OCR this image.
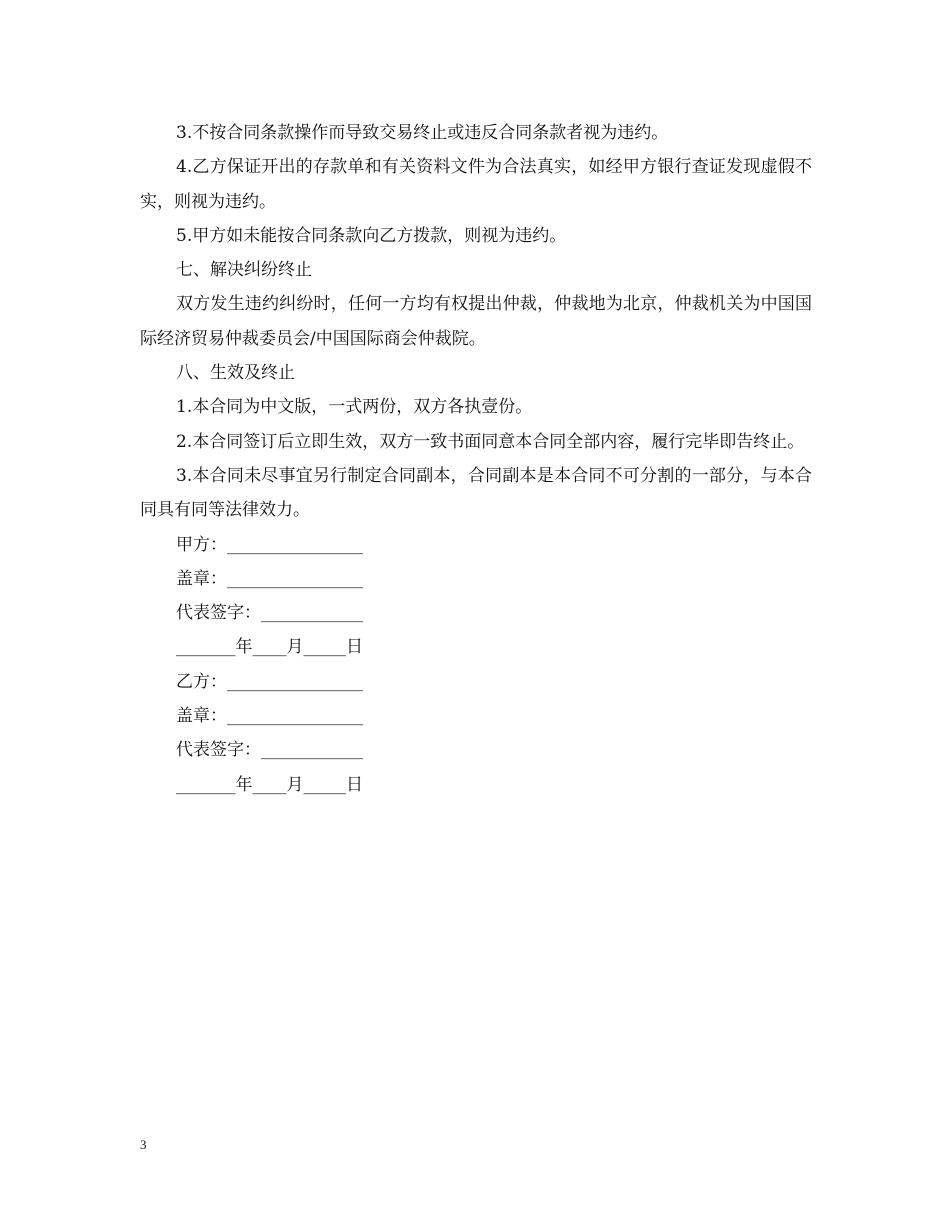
3.不按合同条款操作而导致交易终止或违反合同条款者视为违约。

4.乙方保证开出的存款单和有关资料文件为合法真实，如经甲方银行查证发现虚假不实，则视为违约。

5.甲方如未能按合同条款向乙方拨款，则视为违约。

七、解决纠纷终止

双方发生违约纠纷时，任何一方均有权提出仲裁，仲裁地为北京，仲裁机关为中国国际经济贸易仲裁委员会/中国国际商会仲裁院。

八、生效及终止

1.本合同为中文版，一式两份，双方各执壹份。

2.本合同签订后立即生效，双方一致书面同意本合同全部内容，履行完毕即告终止。

3.本合同未尽事宜另行制定合同副本，合同副本是本合同不可分割的一部分，与本合同具有同等法律效力。

甲方：________________

盖章：________________

代表签字：____________

_______年____月_____日

乙方：________________

盖章：________________

代表签字：____________

_______年____月_____日

3
